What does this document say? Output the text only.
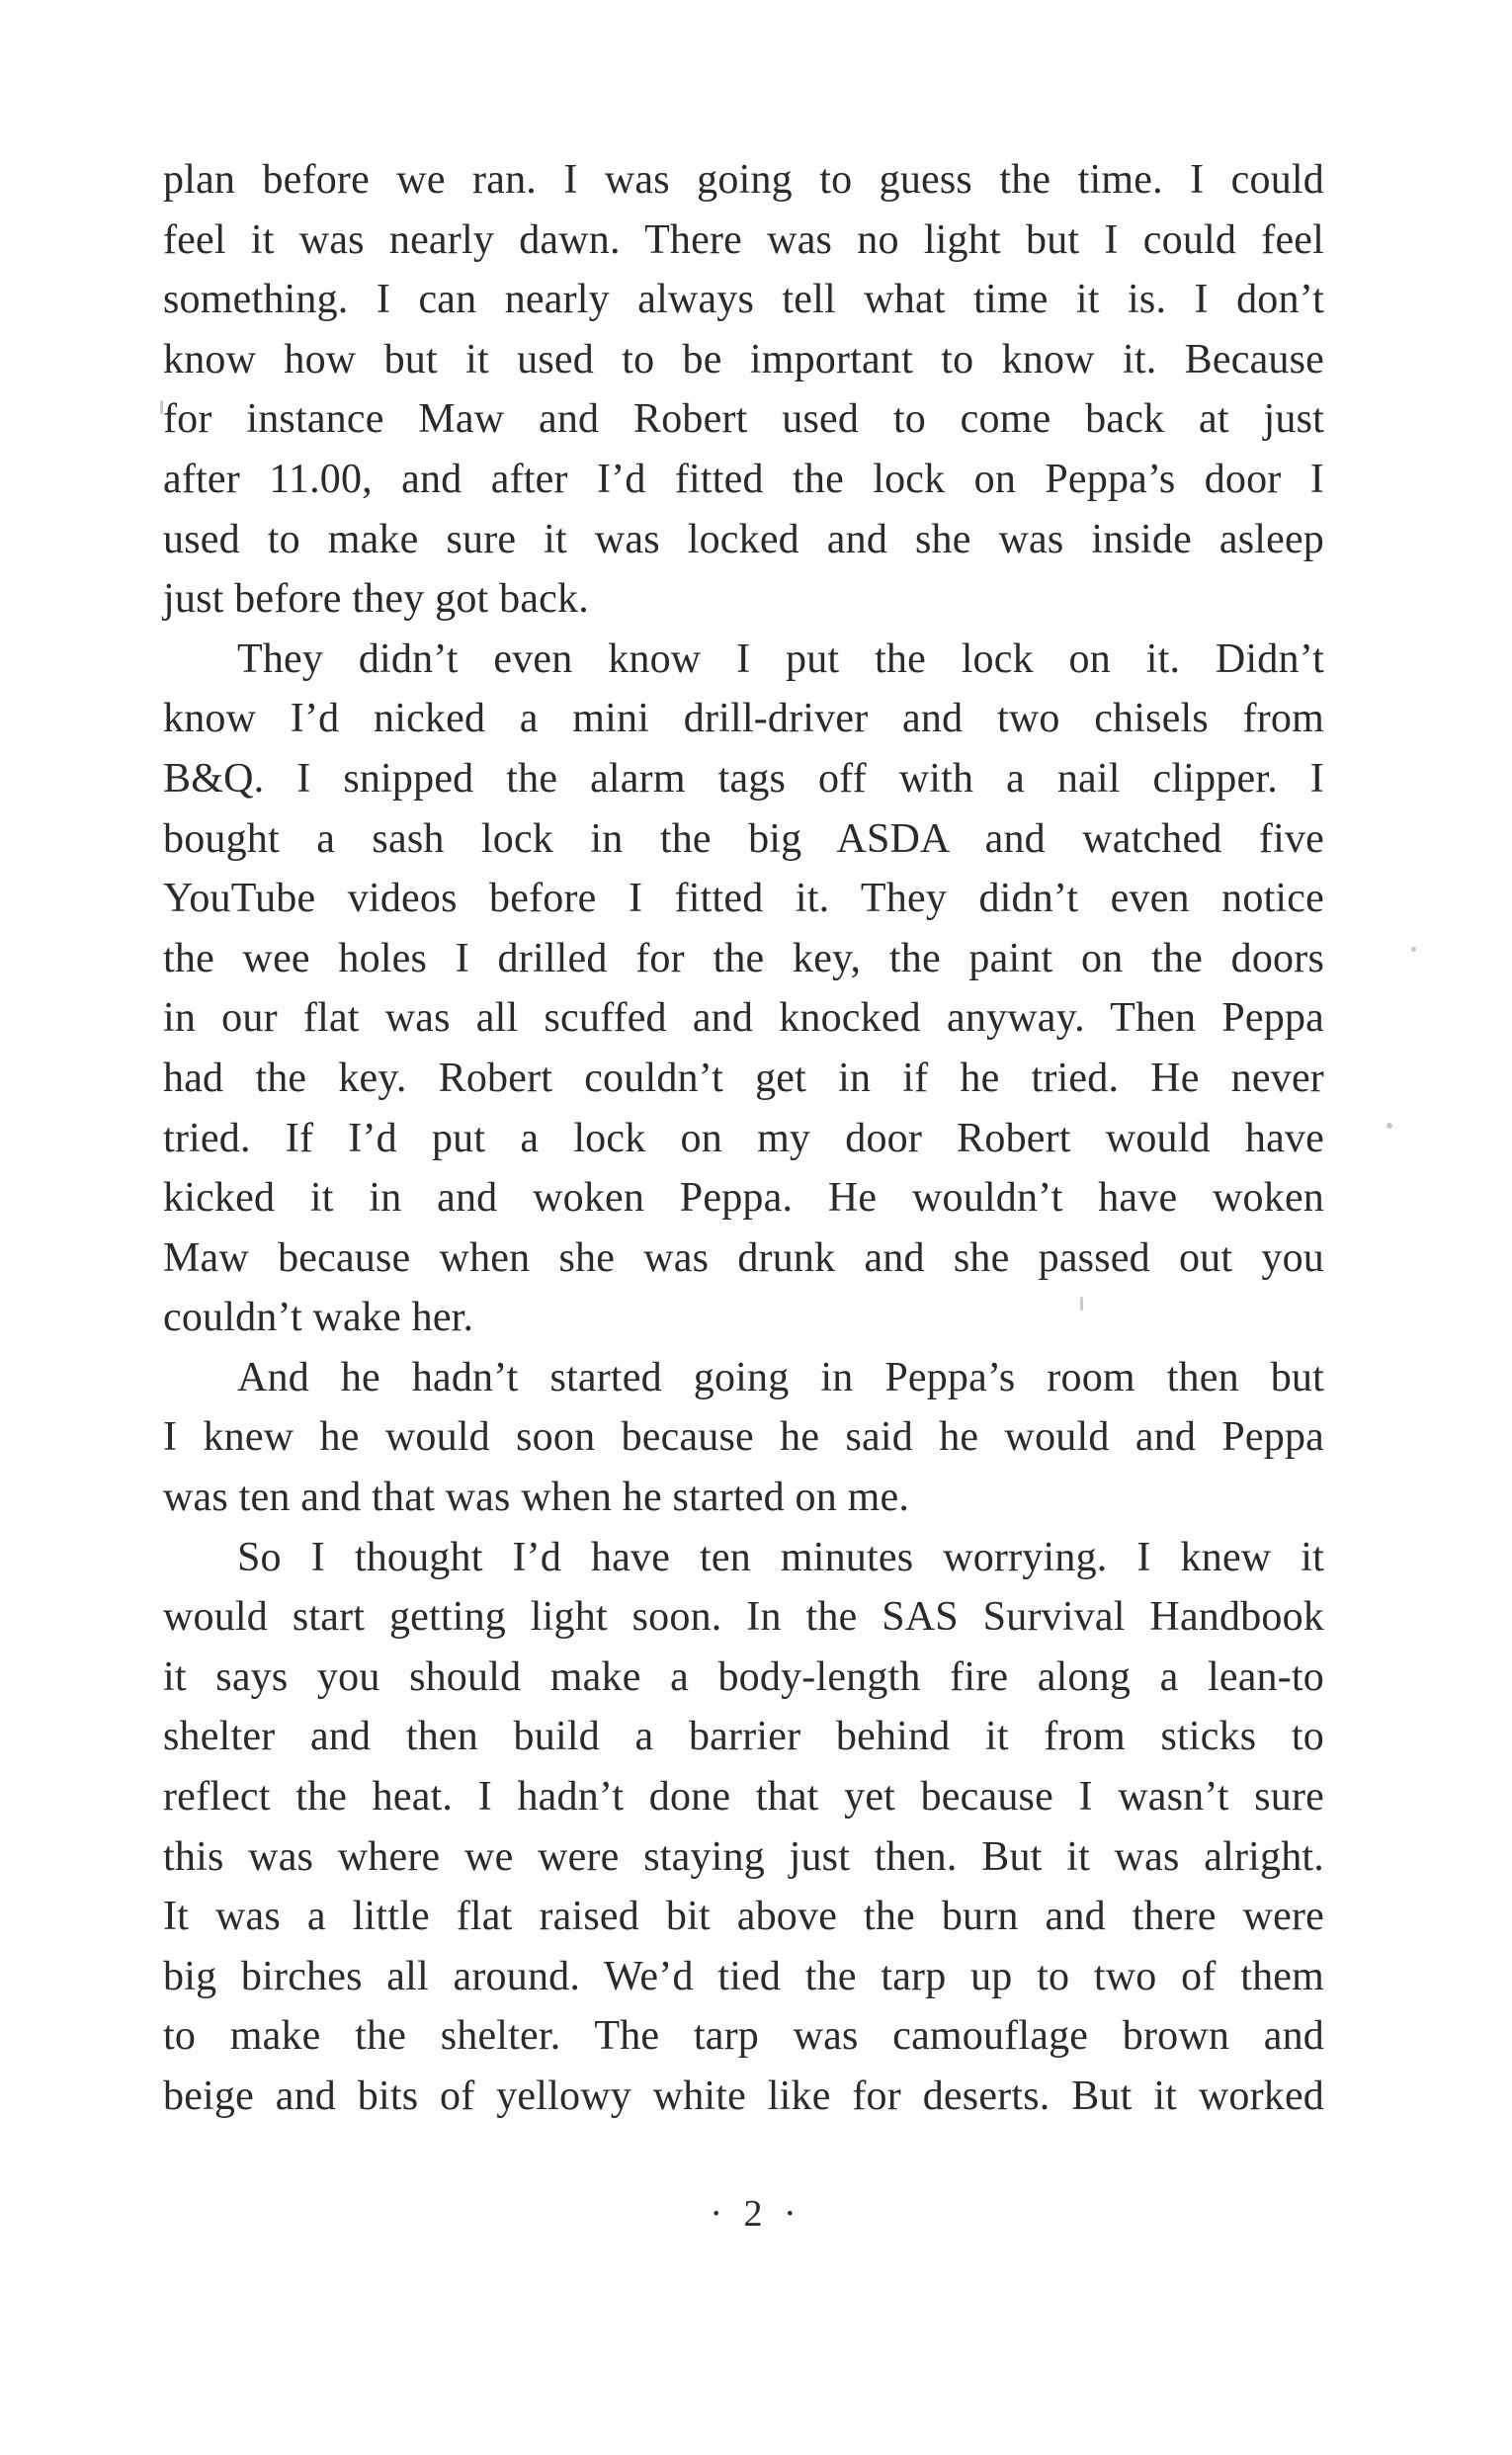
plan before we ran. I was going to guess the time. I could
feel it was nearly dawn. There was no light but I could feel
something. I can nearly always tell what time it is. I don’t
know how but it used to be important to know it. Because
for instance Maw and Robert used to come back at just
after 11.00, and after I’d fitted the lock on Peppa’s door I
used to make sure it was locked and she was inside asleep
just before they got back.
They didn’t even know I put the lock on it. Didn’t
know I’d nicked a mini drill-driver and two chisels from
B&Q. I snipped the alarm tags off with a nail clipper. I
bought a sash lock in the big ASDA and watched five
YouTube videos before I fitted it. They didn’t even notice
the wee holes I drilled for the key, the paint on the doors
in our flat was all scuffed and knocked anyway. Then Peppa
had the key. Robert couldn’t get in if he tried. He never
tried. If I’d put a lock on my door Robert would have
kicked it in and woken Peppa. He wouldn’t have woken
Maw because when she was drunk and she passed out you
couldn’t wake her.
And he hadn’t started going in Peppa’s room then but
I knew he would soon because he said he would and Peppa
was ten and that was when he started on me.
So I thought I’d have ten minutes worrying. I knew it
would start getting light soon. In the SAS Survival Handbook
it says you should make a body-length fire along a lean-to
shelter and then build a barrier behind it from sticks to
reflect the heat. I hadn’t done that yet because I wasn’t sure
this was where we were staying just then. But it was alright.
It was a little flat raised bit above the burn and there were
big birches all around. We’d tied the tarp up to two of them
to make the shelter. The tarp was camouflage brown and
beige and bits of yellowy white like for deserts. But it worked
· 2 ·
